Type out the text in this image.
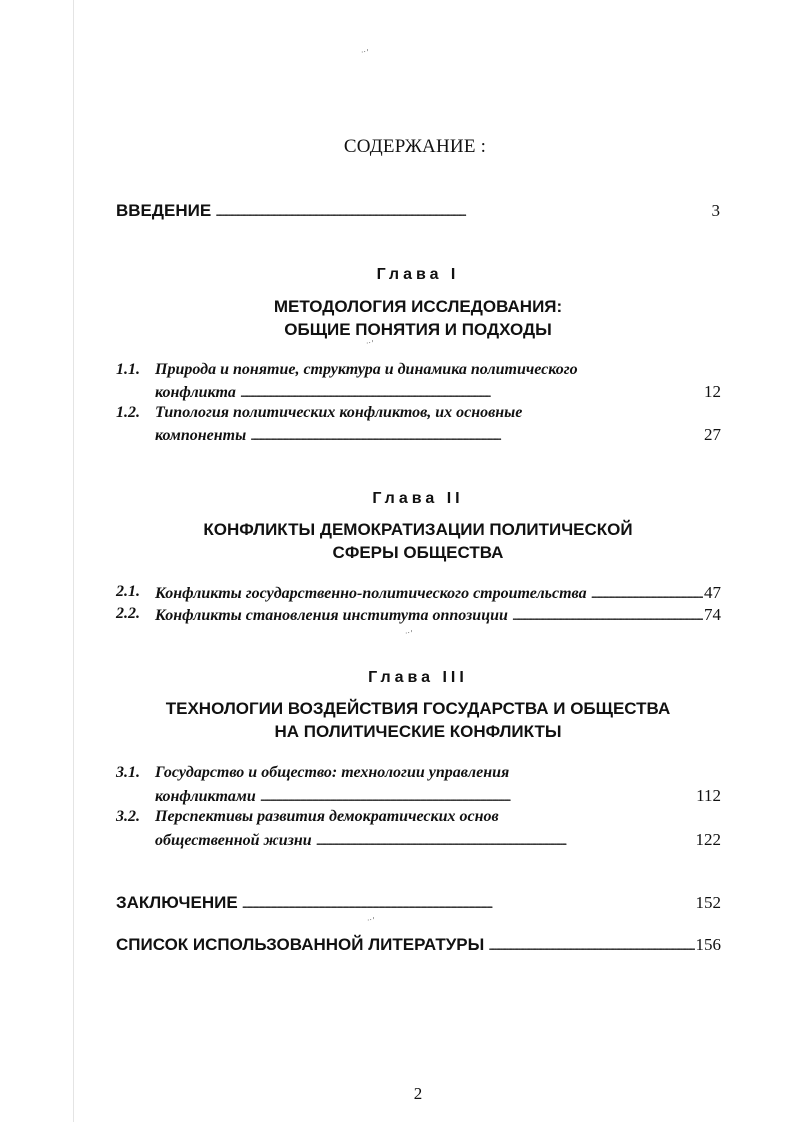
·ˑ'
·ˑ'
·ˑ'
·ˑ'
СОДЕРЖАНИЕ :
ВВЕДЕНИЕ . . .	3
Глава I
МЕТОДОЛОГИЯ ИССЛЕДОВАНИЯ:
ОБЩИЕ ПОНЯТИЯ И ПОДХОДЫ
1.1. Природа и понятие, структура и динамика политического
конфликта . . .	12
1.2. Типология политических конфликтов, их основные
компоненты . . .	27
Глава II
КОНФЛИКТЫ ДЕМОКРАТИЗАЦИИ ПОЛИТИЧЕСКОЙ
СФЕРЫ ОБЩЕСТВА
2.1. Конфликты государственно-политического строительства . . .	47
2.2. Конфликты становления института оппозиции . . .	74
Глава III
ТЕХНОЛОГИИ ВОЗДЕЙСТВИЯ ГОСУДАРСТВА И ОБЩЕСТВА
НА ПОЛИТИЧЕСКИЕ КОНФЛИКТЫ
3.1. Государство и общество: технологии управления
конфликтами . . .	112
3.2. Перспективы развития демократических основ
общественной жизни . . .	122
ЗАКЛЮЧЕНИЕ . . .	152
СПИСОК ИСПОЛЬЗОВАННОЙ ЛИТЕРАТУРЫ . . .	156
2
